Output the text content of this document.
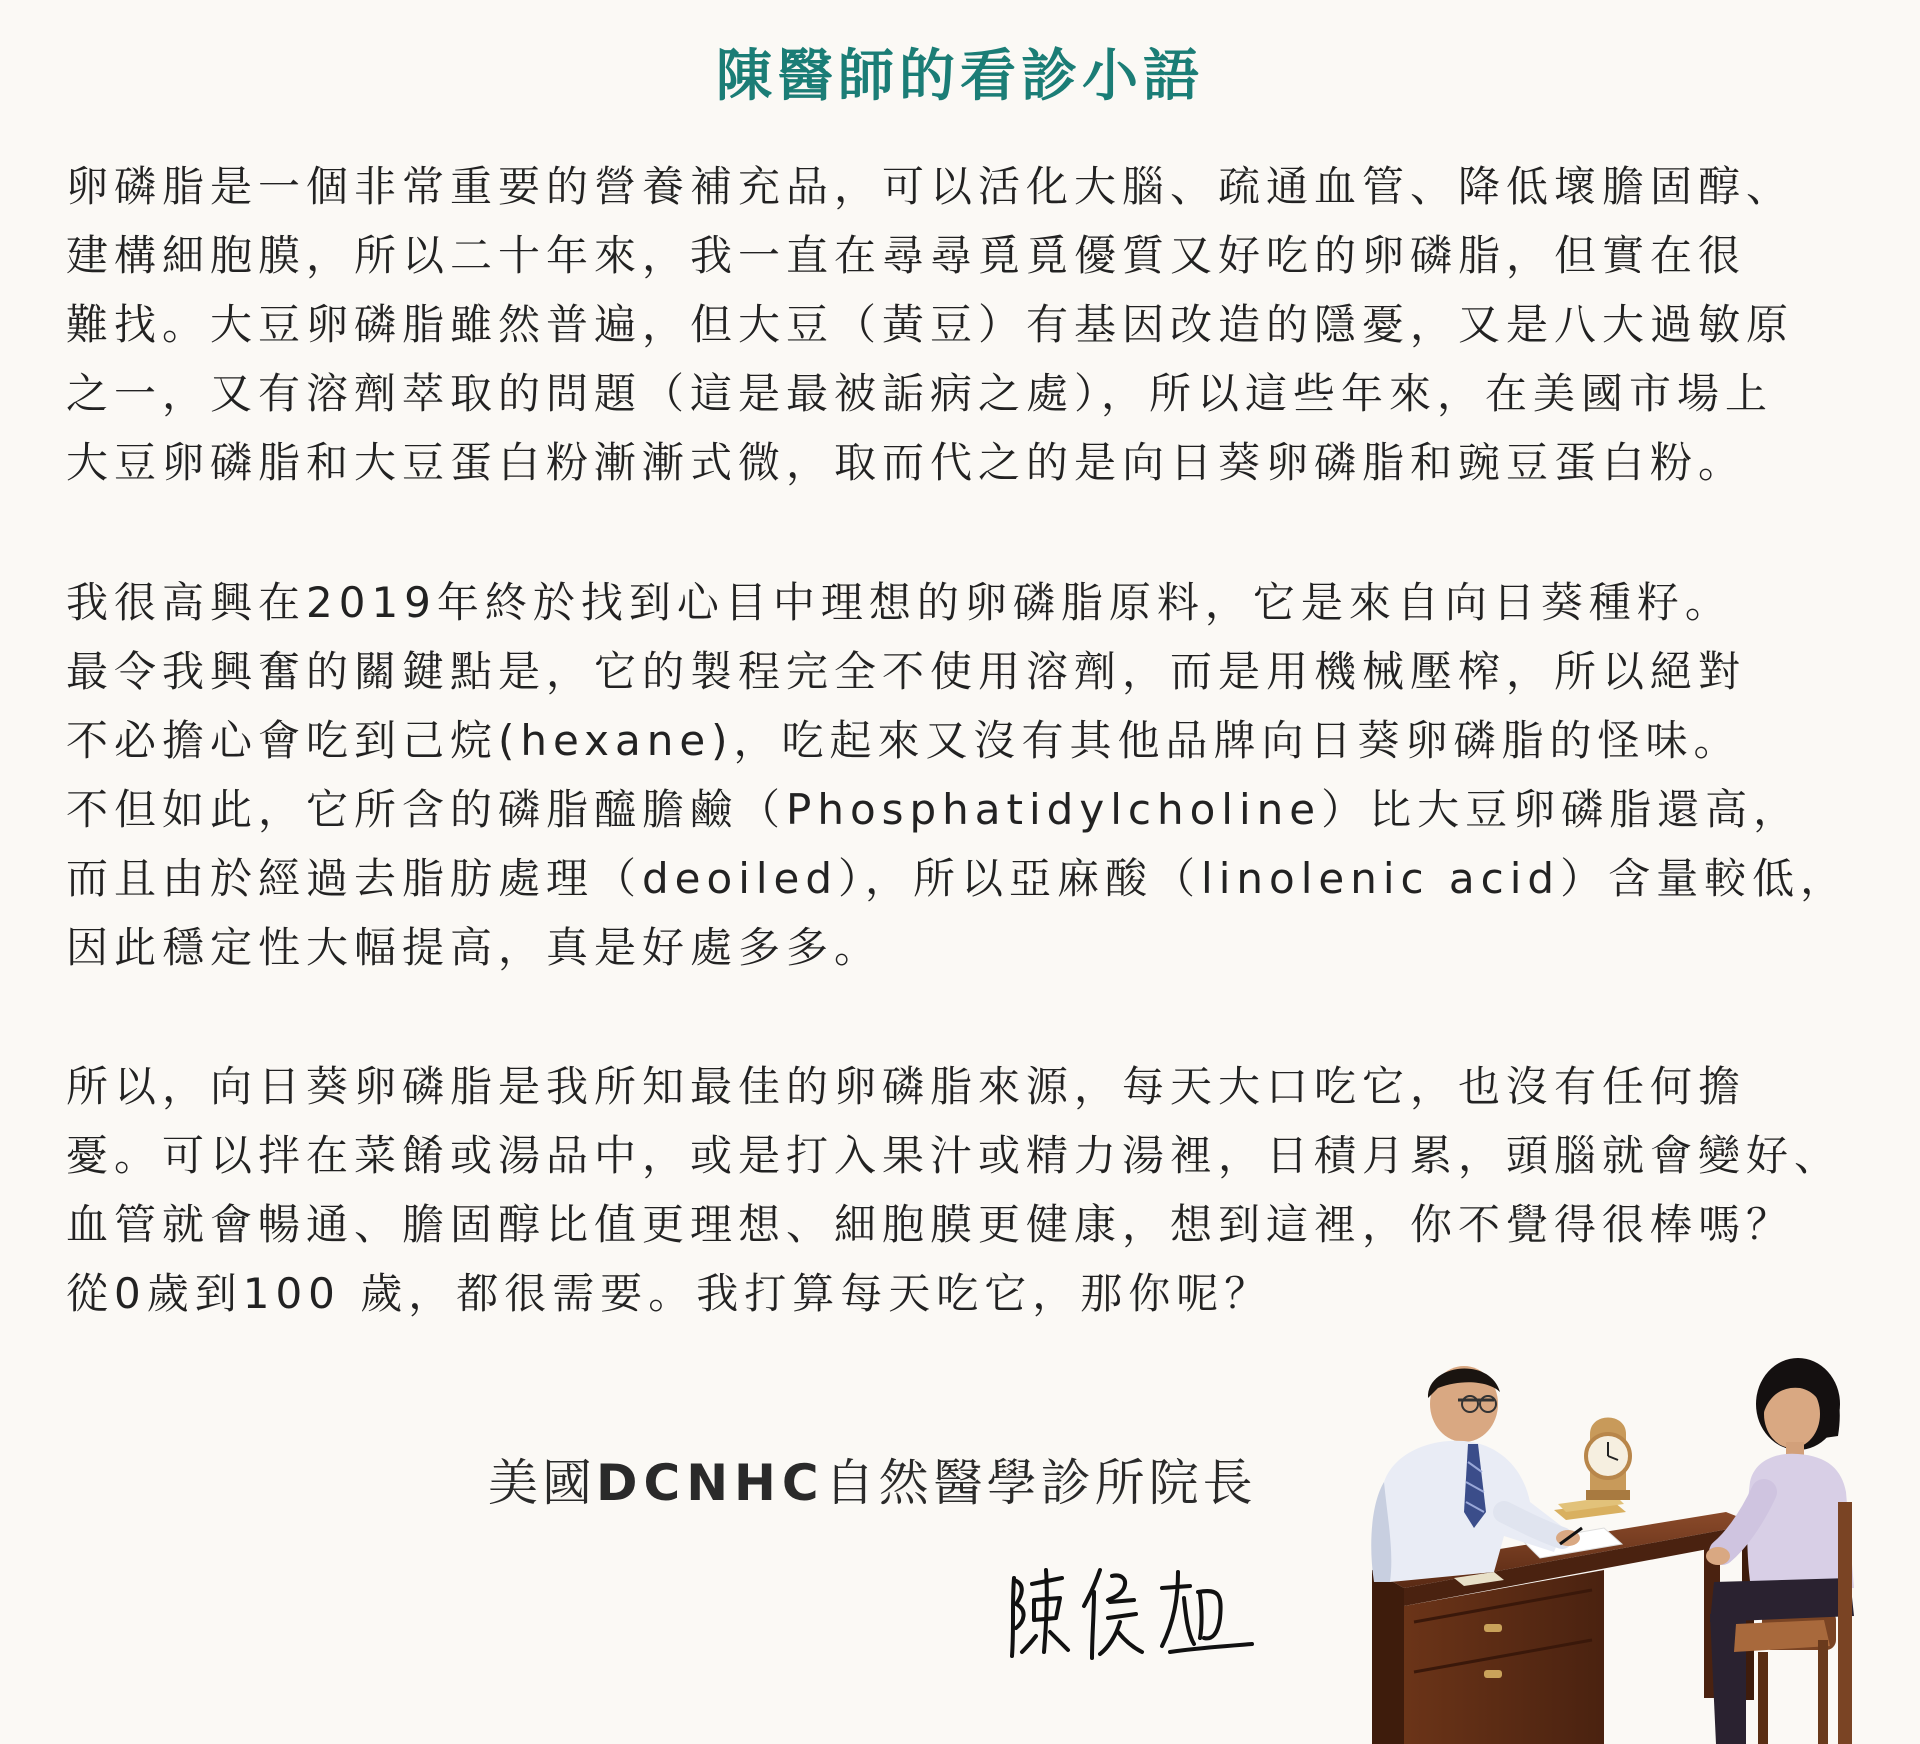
陳醫師的看診小語
卵磷脂是一個非常重要的營養補充品，可以活化大腦、疏通血管、降低壞膽固醇、
建構細胞膜，所以二十年來，我一直在尋尋覓覓優質又好吃的卵磷脂，但實在很
難找。大豆卵磷脂雖然普遍，但大豆（黃豆）有基因改造的隱憂，又是八大過敏原
之一，又有溶劑萃取的問題（這是最被詬病之處），所以這些年來，在美國市場上
大豆卵磷脂和大豆蛋白粉漸漸式微，取而代之的是向日葵卵磷脂和豌豆蛋白粉。
我很高興在2019年終於找到心目中理想的卵磷脂原料，它是來自向日葵種籽。
最令我興奮的關鍵點是，它的製程完全不使用溶劑，而是用機械壓榨，所以絕對
不必擔心會吃到己烷(hexane)，吃起來又沒有其他品牌向日葵卵磷脂的怪味。
不但如此，它所含的磷脂醯膽鹼（Phosphatidylcholine）比大豆卵磷脂還高，
而且由於經過去脂肪處理（deoiled），所以亞麻酸（linolenic acid）含量較低，
因此穩定性大幅提高，真是好處多多。
所以，向日葵卵磷脂是我所知最佳的卵磷脂來源，每天大口吃它，也沒有任何擔
憂。可以拌在菜餚或湯品中，或是打入果汁或精力湯裡，日積月累，頭腦就會變好、
血管就會暢通、膽固醇比值更理想、細胞膜更健康，想到這裡，你不覺得很棒嗎？
從0歲到100 歲，都很需要。我打算每天吃它，那你呢？
美國DCNHC自然醫學診所院長
